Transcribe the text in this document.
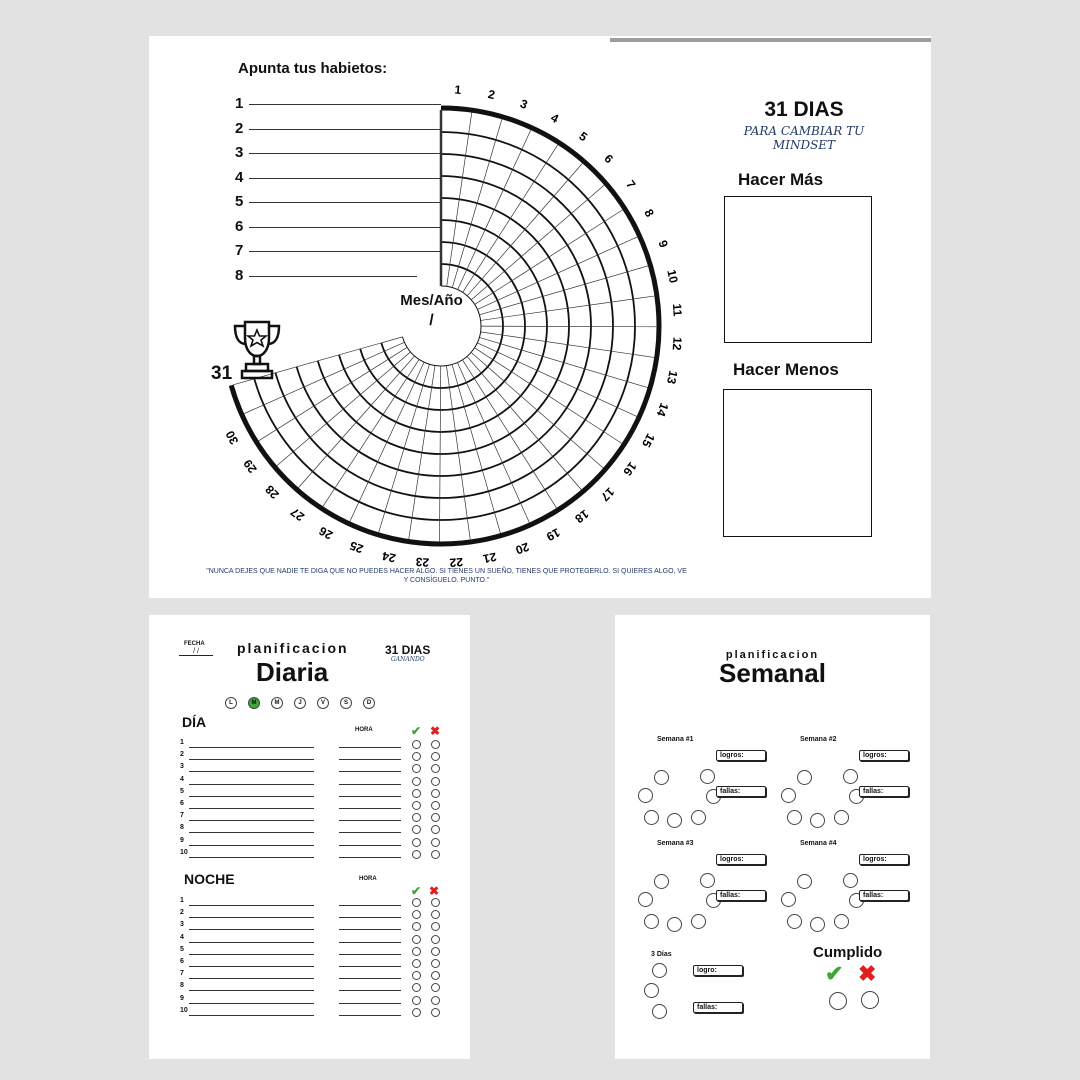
Apunta tus habietos:
1 2
3
4
5
6
7
8
9
10
11
12
13
14
15
16
17
18
19
20
21
22
23
24
25
26
27
28
29
30
Mes/Año
/
31
31 DIAS
PARA CAMBIAR TU MINDSET
Hacer Más
Hacer Menos
"NUNCA DEJES QUE NADIE TE DIGA QUE NO PUEDES HACER ALGO. SI TIENES UN SUEÑO, TIENES QUE PROTEGERLO. SI QUIERES ALGO, VE Y CONSÍGUELO. PUNTO."
1
2
3
4
5
6
7
8
FECHA
/ /	planificacion
Diaria
31 DIAS
GANANDO
DÍA	HORA	✔ ✖
NOCHE	HORA
✔ ✖
L	M	M	J	V	S	D
1
2
3
4
5
6
7
8
9
10
1
2
3
4
5
6
7
8
9
10
planificacion
Semanal
Cumplido
✔ ✖
Semana #1
logros:
fallas:
Semana #2
logros:
fallas:
Semana #3
logros:
fallas:
Semana #4
logros:
fallas:
3 Días
logro:
fallas:
